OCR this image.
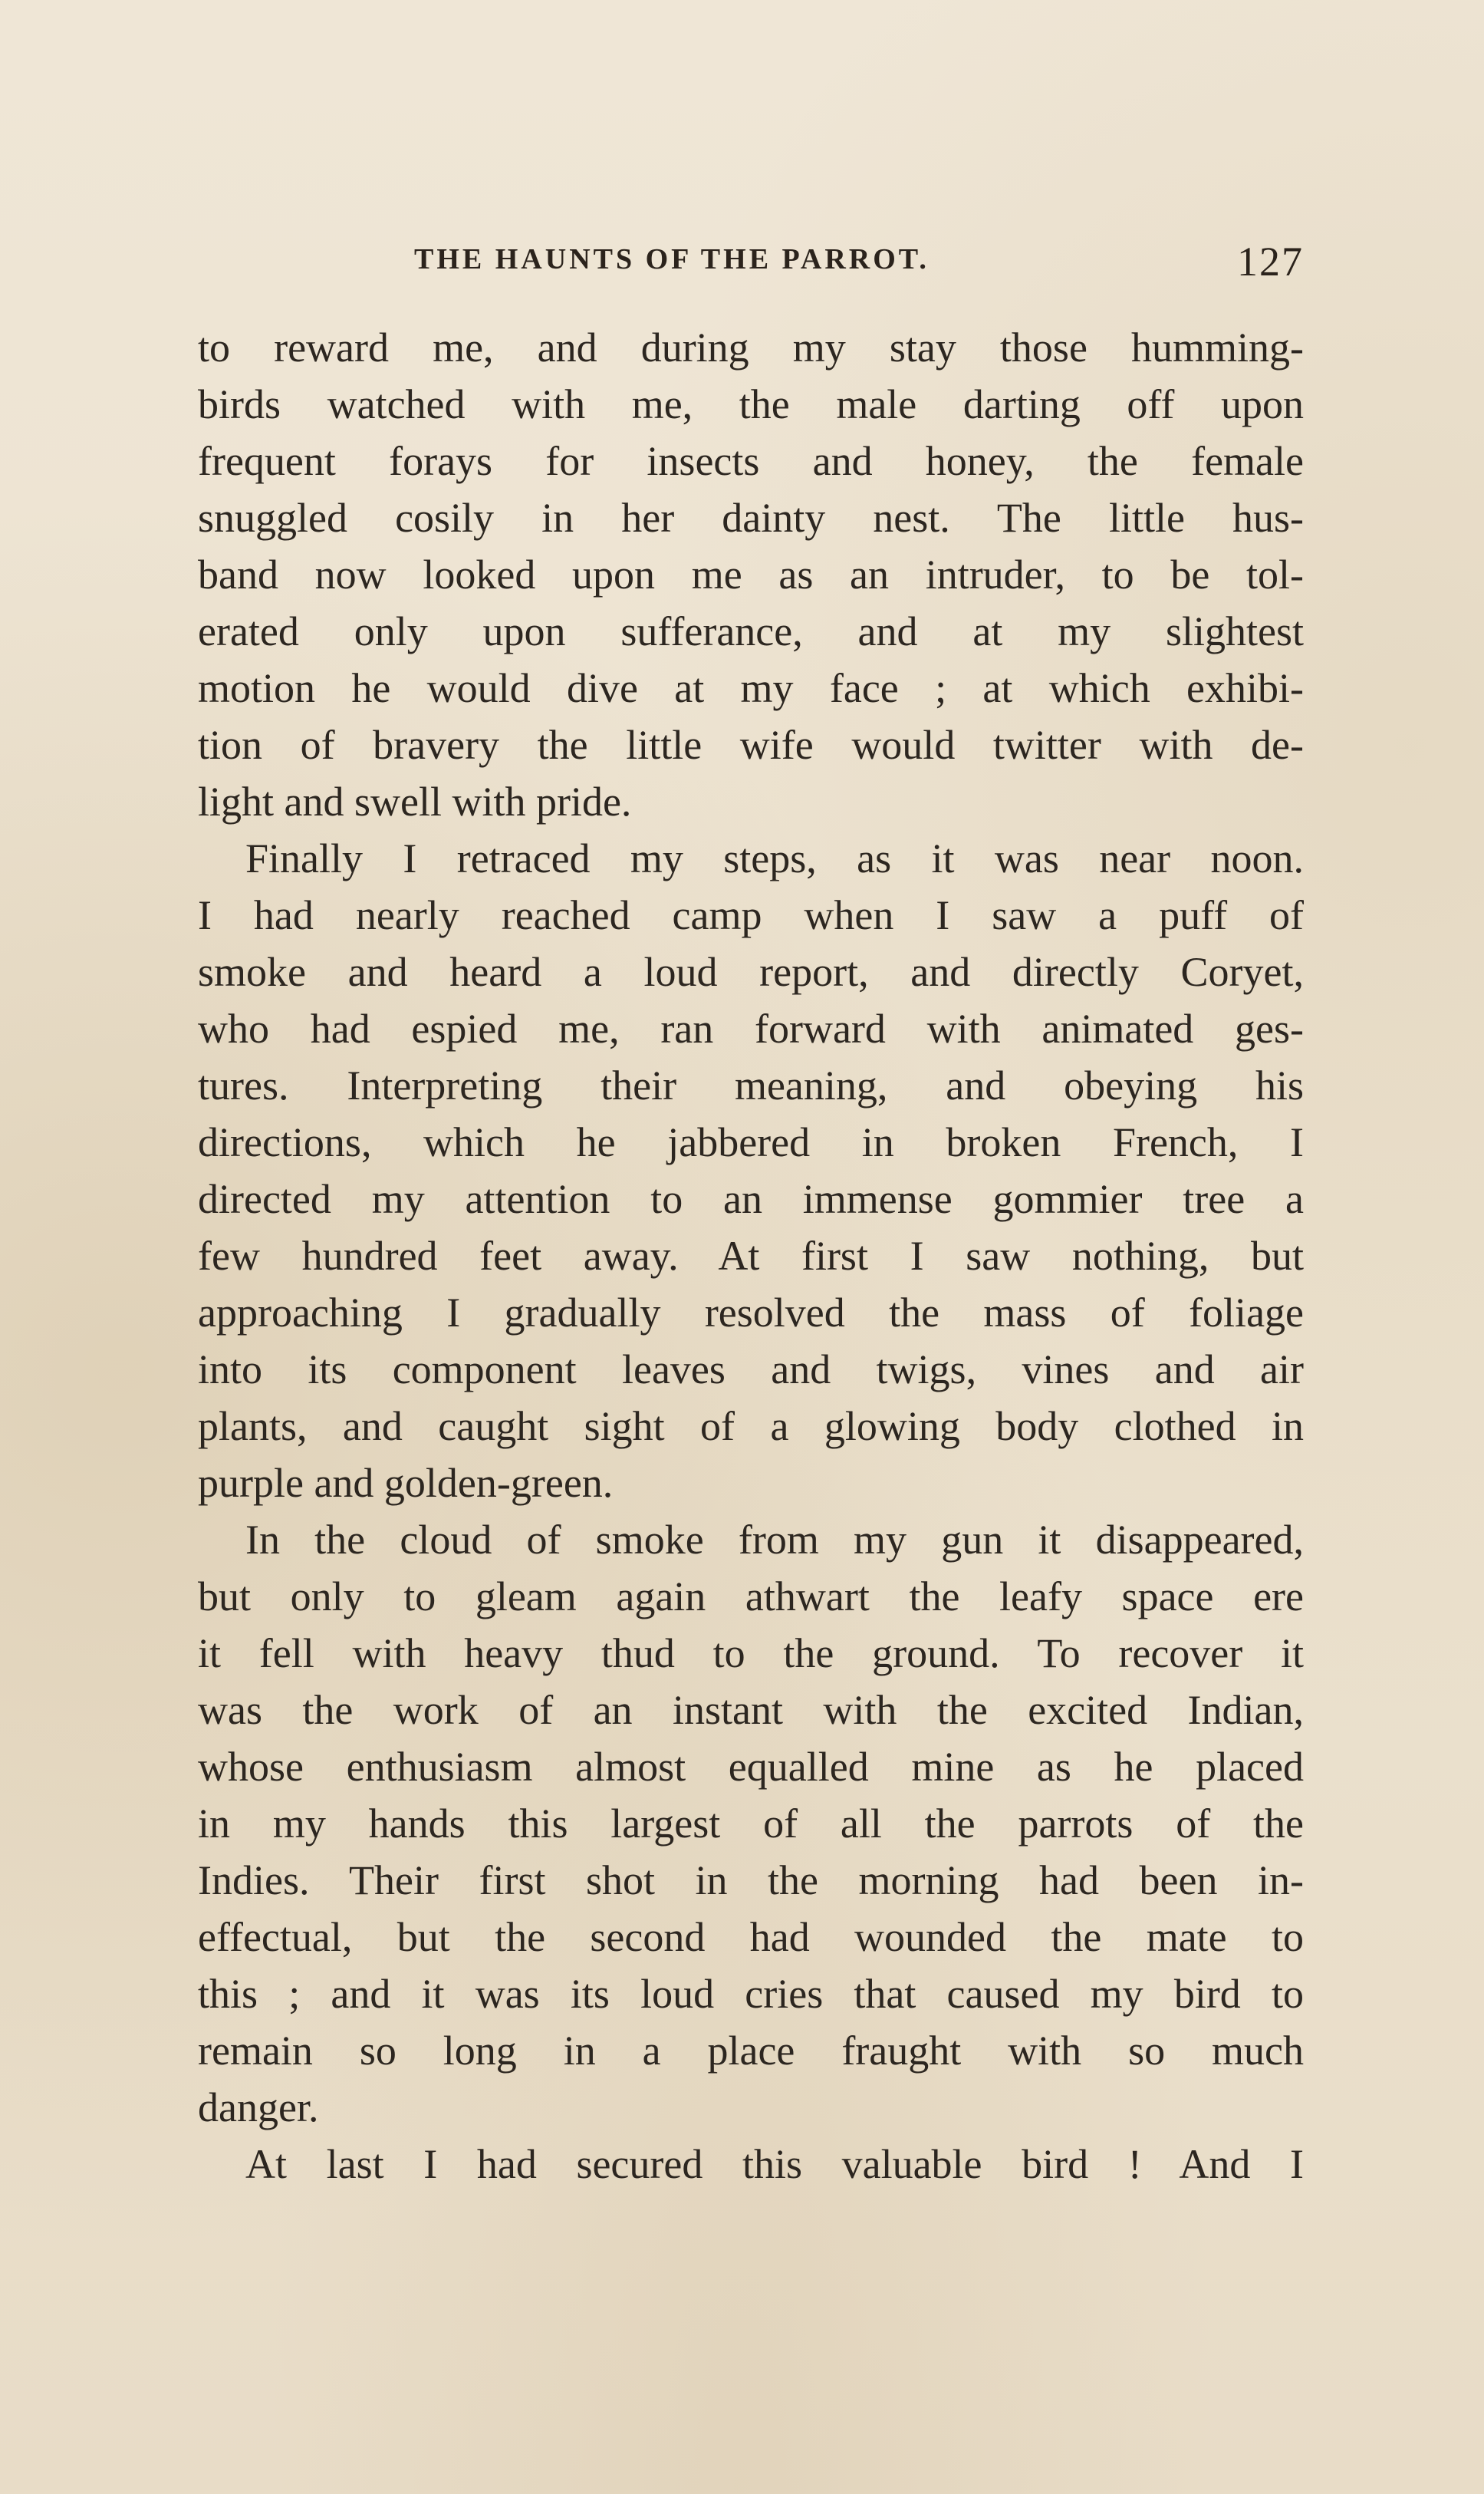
THE HAUNTS OF THE PARROT.	127
to reward me, and during my stay those humming-
birds watched with me, the male darting off upon
frequent forays for insects and honey, the female
snuggled cosily in her dainty nest. The little hus-
band now looked upon me as an intruder, to be tol-
erated only upon sufferance, and at my slightest
motion he would dive at my face ; at which exhibi-
tion of bravery the little wife would twitter with de-
light and swell with pride.
Finally I retraced my steps, as it was near noon.
I had nearly reached camp when I saw a puff of
smoke and heard a loud report, and directly Coryet,
who had espied me, ran forward with animated ges-
tures. Interpreting their meaning, and obeying his
directions, which he jabbered in broken French, I
directed my attention to an immense gommier tree a
few hundred feet away. At first I saw nothing, but
approaching I gradually resolved the mass of foliage
into its component leaves and twigs, vines and air
plants, and caught sight of a glowing body clothed in
purple and golden-green.
In the cloud of smoke from my gun it disappeared,
but only to gleam again athwart the leafy space ere
it fell with heavy thud to the ground. To recover it
was the work of an instant with the excited Indian,
whose enthusiasm almost equalled mine as he placed
in my hands this largest of all the parrots of the
Indies. Their first shot in the morning had been in-
effectual, but the second had wounded the mate to
this ; and it was its loud cries that caused my bird to
remain so long in a place fraught with so much
danger.
At last I had secured this valuable bird ! And I
